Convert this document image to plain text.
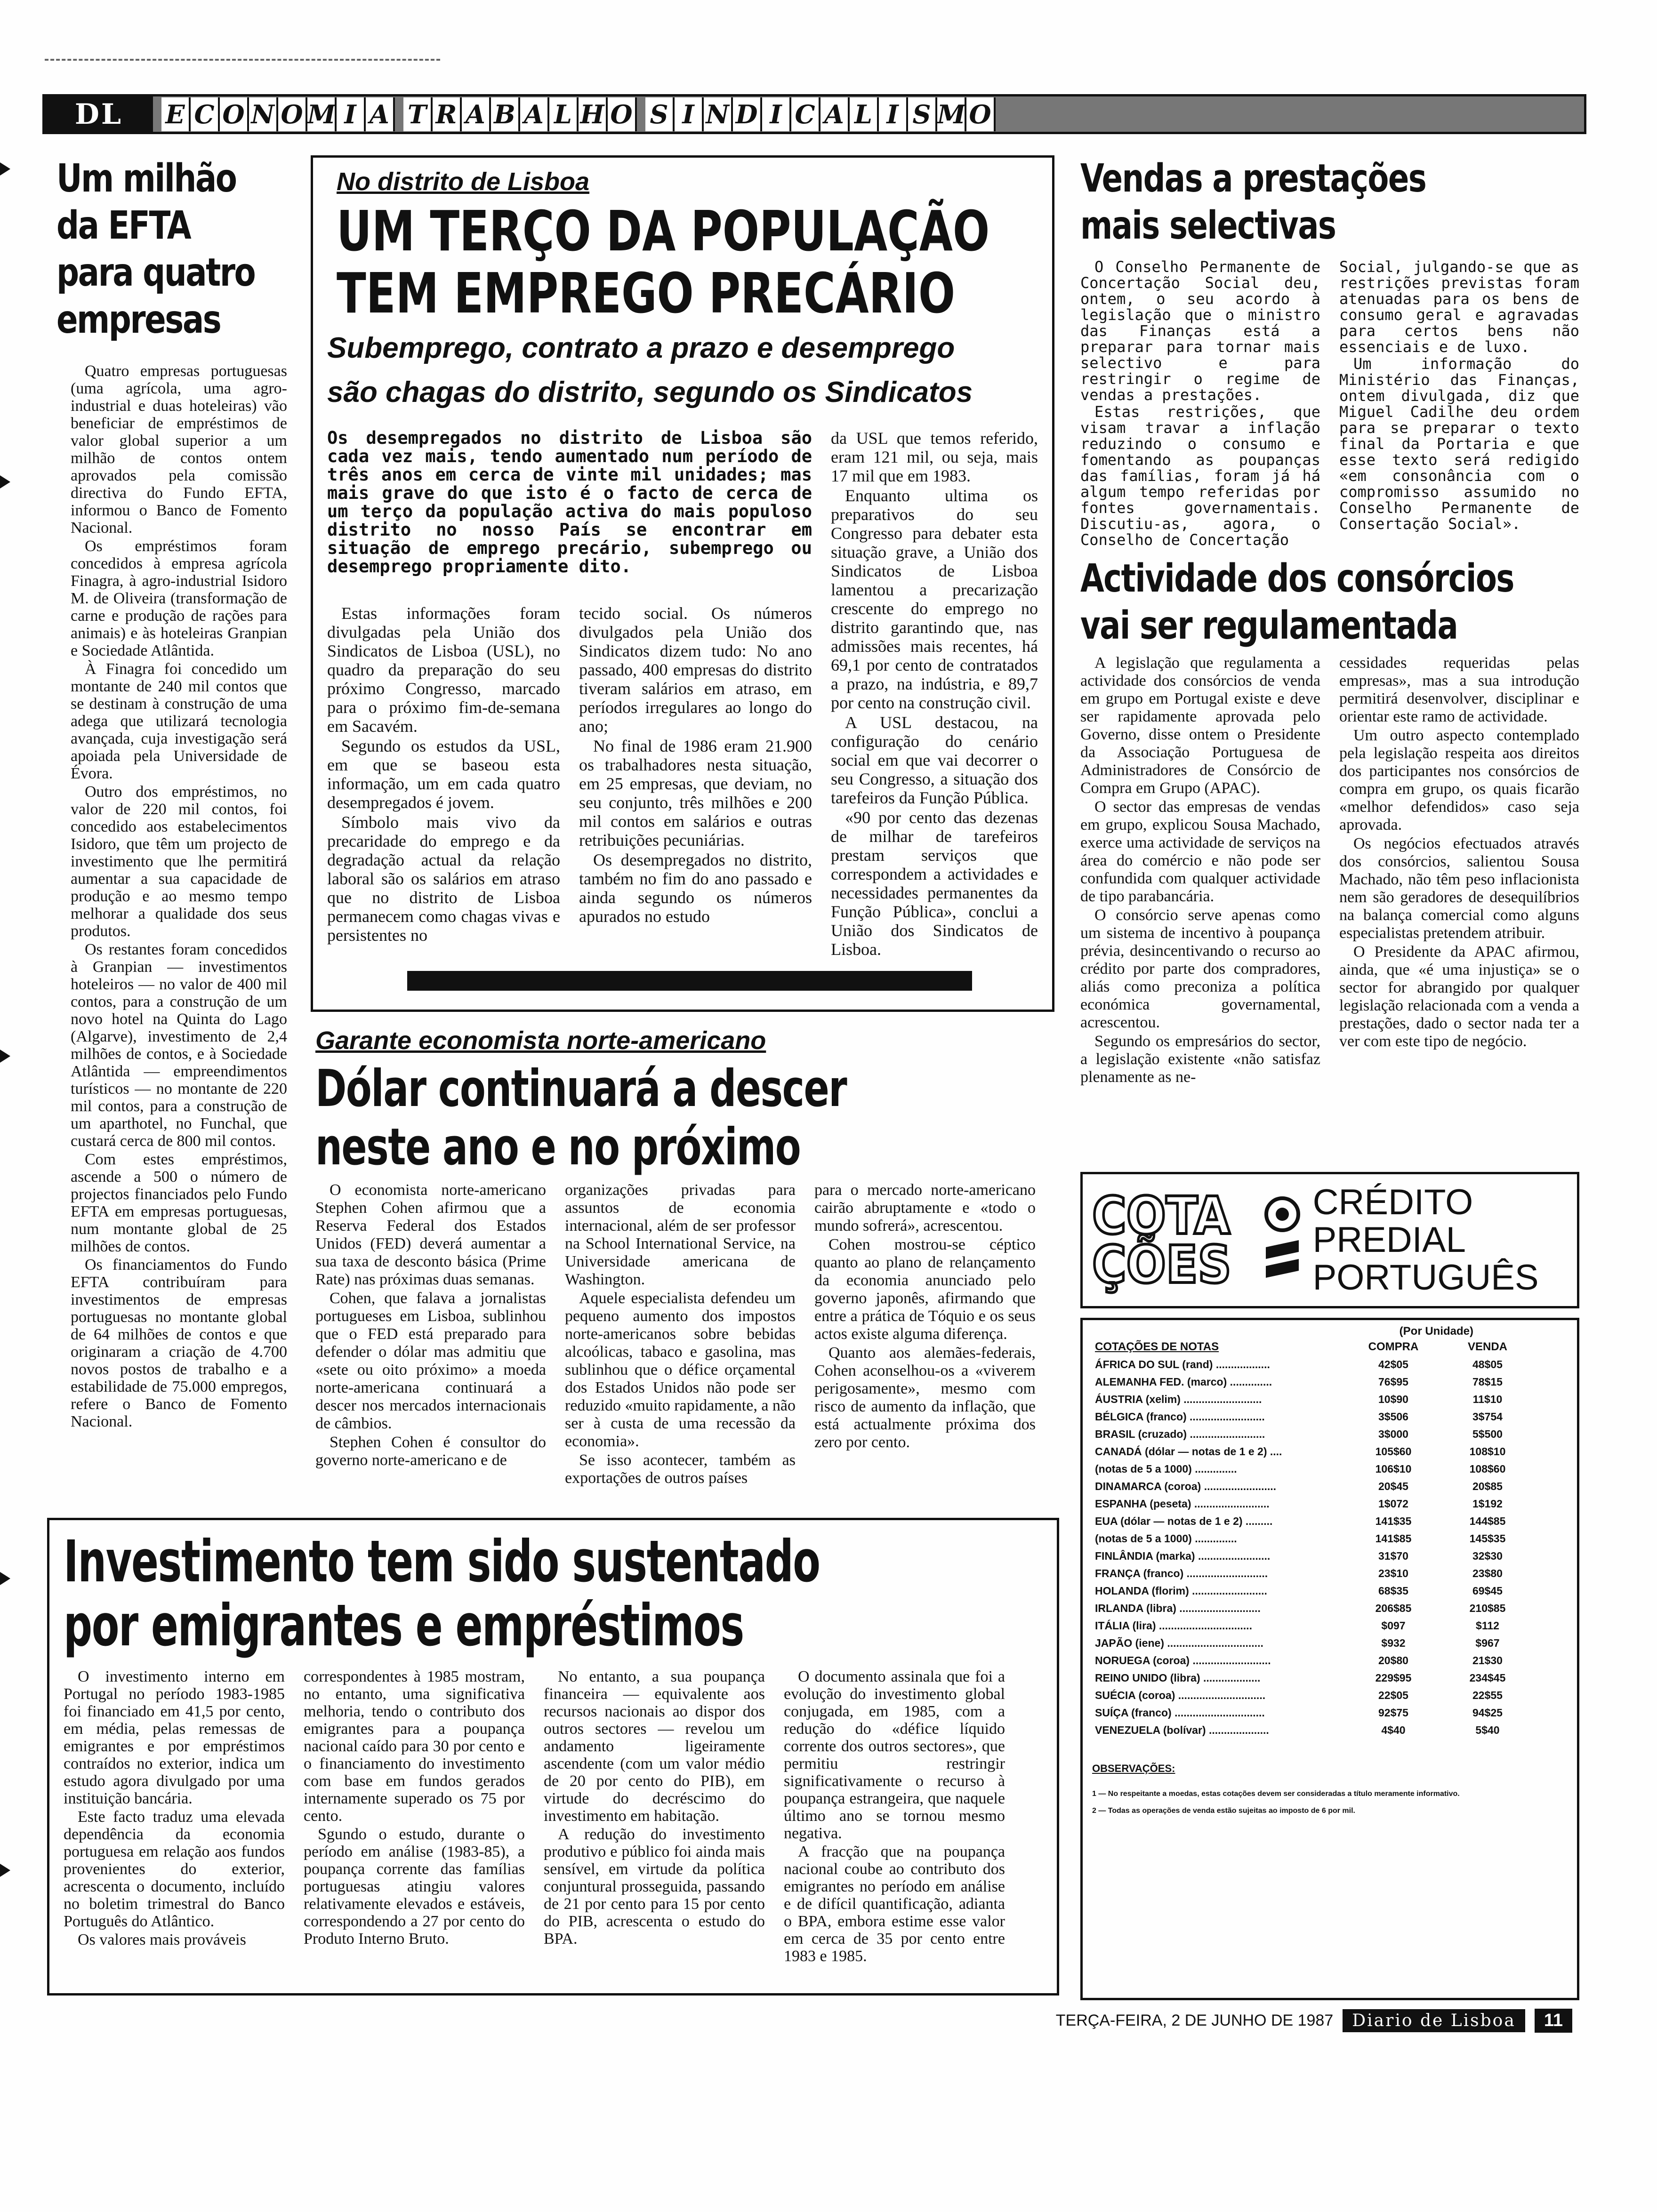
DL	E C O N O M I A T R A B A L H O S I N D I C A L I S M O
Um milhão
da EFTA
para quatro
empresas

Quatro empresas portuguesas (uma agrícola, uma agro-industrial e duas hoteleiras) vão beneficiar de empréstimos de valor global superior a um milhão de contos ontem aprovados pela comissão directiva do Fundo EFTA, informou o Banco de Fomento Nacional.

Os empréstimos foram concedidos à empresa agrícola Finagra, à agro-industrial Isidoro M. de Oliveira (transformação de carne e produção de rações para animais) e às hoteleiras Granpian e Sociedade Atlântida.

À Finagra foi concedido um montante de 240 mil contos que se destinam à construção de uma adega que utilizará tecnologia avançada, cuja investigação será apoiada pela Universidade de Évora.

Outro dos empréstimos, no valor de 220 mil contos, foi concedido aos estabelecimentos Isidoro, que têm um projecto de investimento que lhe permitirá aumentar a sua capacidade de produção e ao mesmo tempo melhorar a qualidade dos seus produtos.

Os restantes foram concedidos à Granpian — investimentos hoteleiros — no valor de 400 mil contos, para a construção de um novo hotel na Quinta do Lago (Algarve), investimento de 2,4 milhões de contos, e à Sociedade Atlântida — empreendimentos turísticos — no montante de 220 mil contos, para a construção de um aparthotel, no Funchal, que custará cerca de 800 mil contos.

Com estes empréstimos, ascende a 500 o número de projectos financiados pelo Fundo EFTA em empresas portuguesas, num montante global de 25 milhões de contos.

Os financiamentos do Fundo EFTA contribuíram para investimentos de empresas portuguesas no montante global de 64 milhões de contos e que originaram a criação de 4.700 novos postos de trabalho e a estabilidade de 75.000 empregos, refere o Banco de Fomento Nacional.

No distrito de Lisboa
UM TERÇO DA POPULAÇÃO
TEM EMPREGO PRECÁRIO
Subemprego, contrato a prazo e desemprego
são chagas do distrito, segundo os Sindicatos
Os desempregados no distrito de Lisboa são cada vez mais, tendo aumentado num período de três anos em cerca de vinte mil unidades; mas mais grave do que isto é o facto de cerca de um terço da população activa do mais populoso distrito no nosso País se encontrar em situação de emprego precário, subemprego ou desemprego propriamente dito.

Estas informações foram divulgadas pela União dos Sindicatos de Lisboa (USL), no quadro da preparação do seu próximo Congresso, marcado para o próximo fim-de-semana em Sacavém.

Segundo os estudos da USL, em que se baseou esta informação, um em cada quatro desempregados é jovem.

Símbolo mais vivo da precaridade do emprego e da degradação actual da relação laboral são os salários em atraso que no distrito de Lisboa permanecem como chagas vivas e persistentes no

tecido social. Os números divulgados pela União dos Sindicatos dizem tudo: No ano passado, 400 empresas do distrito tiveram salários em atraso, em períodos irregulares ao longo do ano;

No final de 1986 eram 21.900 os trabalhadores nesta situação, em 25 empresas, que deviam, no seu conjunto, três milhões e 200 mil contos em salários e outras retribuições pecuniárias.

Os desempregados no distrito, também no fim do ano passado e ainda segundo os números apurados no estudo

da USL que temos referido, eram 121 mil, ou seja, mais 17 mil que em 1983.

Enquanto ultima os preparativos do seu Congresso para debater esta situação grave, a União dos Sindicatos de Lisboa lamentou a precarização crescente do emprego no distrito garantindo que, nas admissões mais recentes, há 69,1 por cento de contratados a prazo, na indústria, e 89,7 por cento na construção civil.

A USL destacou, na configuração do cenário social em que vai decorrer o seu Congresso, a situação dos tarefeiros da Função Pública.

«90 por cento das dezenas de milhar de tarefeiros prestam serviços que correspondem a actividades e necessidades permanentes da Função Pública», conclui a União dos Sindicatos de Lisboa.

Vendas a prestações
mais selectivas

O Conselho Permanente de Concertação Social deu, ontem, o seu acordo à legislação que o ministro das Finanças está a preparar para tornar mais selectivo e para restringir o regime de vendas a prestações.

Estas restrições, que visam travar a inflação reduzindo o consumo e fomentando as poupanças das famílias, foram já há algum tempo referidas por fontes governamentais. Discutiu-as, agora, o Conselho de Concertação

Social, julgando-se que as restrições previstas foram atenuadas para os bens de consumo geral e agravadas para certos bens não essenciais e de luxo.

Um informação do Ministério das Finanças, ontem divulgada, diz que Miguel Cadilhe deu ordem para se preparar o texto final da Portaria e que esse texto será redigido «em consonância com o compromisso assumido no Conselho Permanente de Consertação Social».

Actividade dos consórcios
vai ser regulamentada

A legislação que regulamenta a actividade dos consórcios de venda em grupo em Portugal existe e deve ser rapidamente aprovada pelo Governo, disse ontem o Presidente da Associação Portuguesa de Administradores de Consórcio de Compra em Grupo (APAC).

O sector das empresas de vendas em grupo, explicou Sousa Machado, exerce uma actividade de serviços na área do comércio e não pode ser confundida com qualquer actividade de tipo parabancária.

O consórcio serve apenas como um sistema de incentivo à poupança prévia, desincentivando o recurso ao crédito por parte dos compradores, aliás como preconiza a política económica governamental, acrescentou.

Segundo os empresários do sector, a legislação existente «não satisfaz plenamente as ne-

cessidades requeridas pelas empresas», mas a sua introdução permitirá desenvolver, disciplinar e orientar este ramo de actividade.

Um outro aspecto contemplado pela legislação respeita aos direitos dos participantes nos consórcios de compra em grupo, os quais ficarão «melhor defendidos» caso seja aprovada.

Os negócios efectuados através dos consórcios, salientou Sousa Machado, não têm peso inflacionista nem são geradores de desequilíbrios na balança comercial como alguns especialistas pretendem atribuir.

O Presidente da APAC afirmou, ainda, que «é uma injustiça» se o sector for abrangido por qualquer legislação relacionada com a venda a prestações, dado o sector nada ter a ver com este tipo de negócio.

Garante economista norte-americano
Dólar continuará a descer
neste ano e no próximo

O economista norte-americano Stephen Cohen afirmou que a Reserva Federal dos Estados Unidos (FED) deverá aumentar a sua taxa de desconto básica (Prime Rate) nas próximas duas semanas.

Cohen, que falava a jornalistas portugueses em Lisboa, sublinhou que o FED está preparado para defender o dólar mas admitiu que «sete ou oito próximo» a moeda norte-americana continuará a descer nos mercados internacionais de câmbios.

Stephen Cohen é consultor do governo norte-americano e de

organizações privadas para assuntos de economia internacional, além de ser professor na School International Service, na Universidade americana de Washington.

Aquele especialista defendeu um pequeno aumento dos impostos norte-americanos sobre bebidas alcoólicas, tabaco e gasolina, mas sublinhou que o défice orçamental dos Estados Unidos não pode ser reduzido «muito rapidamente, a não ser à custa de uma recessão da economia».

Se isso acontecer, também as exportações de outros países

para o mercado norte-americano cairão abruptamente e «todo o mundo sofrerá», acrescentou.

Cohen mostrou-se céptico quanto ao plano de relançamento da economia anunciado pelo governo japonês, afirmando que entre a prática de Tóquio e os seus actos existe alguma diferença.

Quanto aos alemães-federais, Cohen aconselhou-os a «viverem perigosamente», mesmo com risco de aumento da inflação, que está actualmente próxima dos zero por cento.

COTA
ÇÕES
CRÉDITO
PREDIAL
PORTUGUÊS
(Por Unidade)
COTAÇÕES DE NOTAS	COMPRA	VENDA
ÁFRICA DO SUL (rand) ..................	42$05	48$05
ALEMANHA FED. (marco) ..............	76$95	78$15
ÁUSTRIA (xelim) ..........................	10$90	11$10
BÉLGICA (franco) .........................	3$506	3$754
BRASIL (cruzado) .........................	3$000	5$500
CANADÁ (dólar — notas de 1 e 2) ....	105$60	108$10
(notas de 5 a 1000) ..............	106$10	108$60
DINAMARCA (coroa) ........................	20$45	20$85
ESPANHA (peseta) .........................	1$072	1$192
EUA (dólar — notas de 1 e 2) .........	141$35	144$85
(notas de 5 a 1000) ..............	141$85	145$35
FINLÂNDIA (marka) ........................	31$70	32$30
FRANÇA (franco) ...........................	23$10	23$80
HOLANDA (florim) .........................	68$35	69$45
IRLANDA (libra) ...........................	206$85	210$85
ITÁLIA (lira) ...............................	$097	$112
JAPÃO (iene) ................................	$932	$967
NORUEGA (coroa) ..........................	20$80	21$30
REINO UNIDO (libra) ...................	229$95	234$45
SUÉCIA (coroa) .............................	22$05	22$55
SUÍÇA (franco) ..............................	92$75	94$25
VENEZUELA (bolívar) ....................	4$40	5$40
OBSERVAÇÕES:
1 — No respeitante a moedas, estas cotações devem ser consideradas a título meramente informativo.
2 — Todas as operações de venda estão sujeitas ao imposto de 6 por mil.
Investimento tem sido sustentado
por emigrantes e empréstimos

O investimento interno em Portugal no período 1983-1985 foi financiado em 41,5 por cento, em média, pelas remessas de emigrantes e por empréstimos contraídos no exterior, indica um estudo agora divulgado por uma instituição bancária.

Este facto traduz uma elevada dependência da economia portuguesa em relação aos fundos provenientes do exterior, acrescenta o documento, incluído no boletim trimestral do Banco Português do Atlântico.

Os valores mais prováveis

correspondentes à 1985 mostram, no entanto, uma significativa melhoria, tendo o contributo dos emigrantes para a poupança nacional caído para 30 por cento e o financiamento do investimento com base em fundos gerados internamente superado os 75 por cento.

Sgundo o estudo, durante o período em análise (1983-85), a poupança corrente das famílias portuguesas atingiu valores relativamente elevados e estáveis, correspondendo a 27 por cento do Produto Interno Bruto.

No entanto, a sua poupança financeira — equivalente aos recursos nacionais ao dispor dos outros sectores — revelou um andamento ligeiramente ascendente (com um valor médio de 20 por cento do PIB), em virtude do decréscimo do investimento em habitação.

A redução do investimento produtivo e público foi ainda mais sensível, em virtude da política conjuntural prosseguida, passando de 21 por cento para 15 por cento do PIB, acrescenta o estudo do BPA.

O documento assinala que foi a evolução do investimento global conjugada, em 1985, com a redução do «défice líquido corrente dos outros sectores», que permitiu restringir significativamente o recurso à poupança estrangeira, que naquele último ano se tornou mesmo negativa.

A fracção que na poupança nacional coube ao contributo dos emigrantes no período em análise e de difícil quantificação, adianta o BPA, embora estime esse valor em cerca de 35 por cento entre 1983 e 1985.

TERÇA-FEIRA, 2 DE JUNHO DE 1987	Diario de Lisboa	11
